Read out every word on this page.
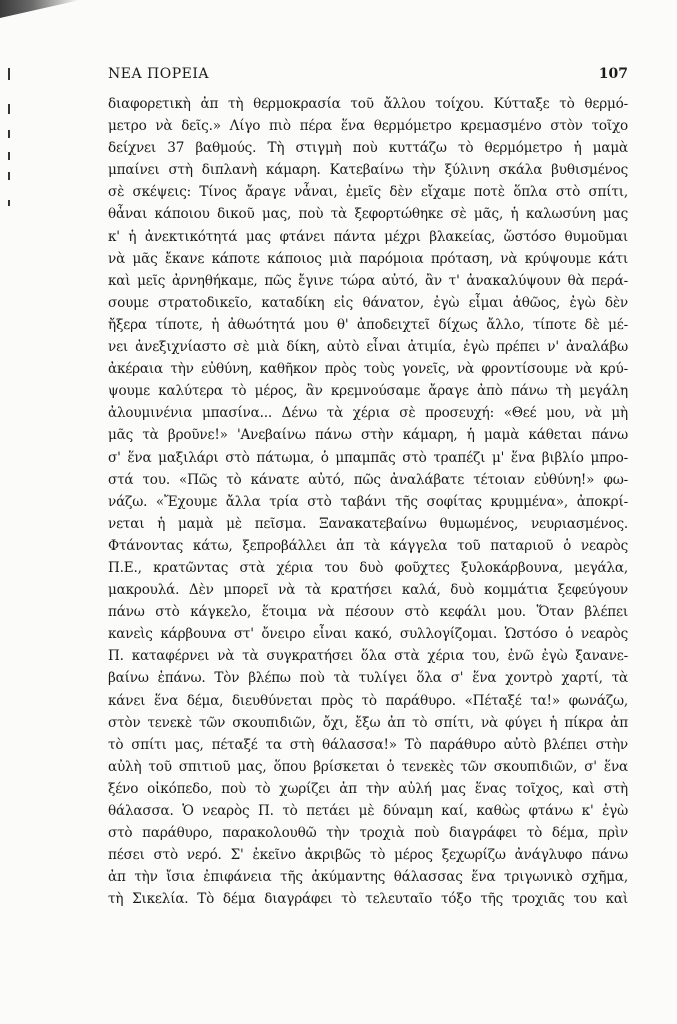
ΝΕΑ ΠΟΡΕΙΑ	107
διαφορετικὴ ἀπ τὴ θερμοκρασία τοῦ ἄλλου τοίχου. Κύτταξε τὸ θερμό-
μετρο νὰ δεῖς.» Λίγο πιὸ πέρα ἕνα θερμόμετρο κρεμασμένο στὸν τοῖχο
δείχνει 37 βαθμούς. Τὴ στιγμὴ ποὺ κυττάζω τὸ θερμόμετρο ἡ μαμὰ
μπαίνει στὴ διπλανὴ κάμαρη. Κατεβαίνω τὴν ξύλινη σκάλα βυθισμένος
σὲ σκέψεις: Τίνος ἄραγε νἆναι, ἐμεῖς δὲν εἴχαμε ποτὲ ὅπλα στὸ σπίτι,
θἆναι κάποιου δικοῦ μας, ποὺ τὰ ξεφορτώθηκε σὲ μᾶς, ἡ καλωσύνη μας
κ' ἡ ἀνεκτικότητά μας φτάνει πάντα μέχρι βλακείας, ὥστόσο θυμοῦμαι
νὰ μᾶς ἔκανε κάποτε κάποιος μιὰ παρόμοια πρόταση, νὰ κρύψουμε κάτι
καὶ μεῖς ἀρνηθήκαμε, πῶς ἔγινε τώρα αὐτό, ἂν τ' ἀνακαλύψουν θὰ περά-
σουμε στρατοδικεῖο, καταδίκη εἰς θάνατον, ἐγὼ εἶμαι ἀθῶος, ἐγὼ δὲν
ἤξερα τίποτε, ἡ ἀθωότητά μου θ' ἀποδειχτεῖ δίχως ἄλλο, τίποτε δὲ μέ-
νει ἀνεξιχνίαστο σὲ μιὰ δίκη, αὐτὸ εἶναι ἀτιμία, ἐγὼ πρέπει ν' ἀναλάβω
ἀκέραια τὴν εὐθύνη, καθῆκον πρὸς τοὺς γονεῖς, νὰ φροντίσουμε νὰ κρύ-
ψουμε καλύτερα τὸ μέρος, ἂν κρεμνούσαμε ἄραγε ἀπὸ πάνω τὴ μεγάλη
ἀλουμινένια μπασίνα... Δένω τὰ χέρια σὲ προσευχή: «Θεέ μου, νὰ μὴ
μᾶς τὰ βροῦνε!» 'Ανεβαίνω πάνω στὴν κάμαρη, ἡ μαμὰ κάθεται πάνω
σ' ἕνα μαξιλάρι στὸ πάτωμα, ὁ μπαμπᾶς στὸ τραπέζι μ' ἕνα βιβλίο μπρο-
στά του. «Πῶς τὸ κάνατε αὐτό, πῶς ἀναλάβατε τέτοιαν εὐθύνη!» φω-
νάζω. «Ἔχουμε ἄλλα τρία στὸ ταβάνι τῆς σοφίτας κρυμμένα», ἀποκρί-
νεται ἡ μαμὰ μὲ πεῖσμα. Ξανακατεβαίνω θυμωμένος, νευριασμένος.
Φτάνοντας κάτω, ξεπροβάλλει ἀπ τὰ κάγγελα τοῦ παταριοῦ ὁ νεαρὸς
Π.Ε., κρατῶντας στὰ χέρια του δυὸ φοῦχτες ξυλοκάρβουνα, μεγάλα,
μακρουλά. Δὲν μπορεῖ νὰ τὰ κρατήσει καλά, δυὸ κομμάτια ξεφεύγουν
πάνω στὸ κάγκελο, ἕτοιμα νὰ πέσουν στὸ κεφάλι μου. Ὅταν βλέπει
κανεὶς κάρβουνα στ' ὄνειρο εἶναι κακό, συλλογίζομαι. Ὡστόσο ὁ νεαρὸς
Π. καταφέρνει νὰ τὰ συγκρατήσει ὅλα στὰ χέρια του, ἐνῶ ἐγὼ ξανανε-
βαίνω ἐπάνω. Τὸν βλέπω ποὺ τὰ τυλίγει ὅλα σ' ἕνα χοντρὸ χαρτί, τὰ
κάνει ἕνα δέμα, διευθύνεται πρὸς τὸ παράθυρο. «Πέταξέ τα!» φωνάζω,
στὸν τενεκὲ τῶν σκουπιδιῶν, ὄχι, ἔξω ἀπ τὸ σπίτι, νὰ φύγει ἡ πίκρα ἀπ
τὸ σπίτι μας, πέταξέ τα στὴ θάλασσα!» Τὸ παράθυρο αὐτὸ βλέπει στὴν
αὐλὴ τοῦ σπιτιοῦ μας, ὅπου βρίσκεται ὁ τενεκὲς τῶν σκουπιδιῶν, σ' ἕνα
ξένο οἰκόπεδο, ποὺ τὸ χωρίζει ἀπ τὴν αὐλή μας ἕνας τοῖχος, καὶ στὴ
θάλασσα. Ὁ νεαρὸς Π. τὸ πετάει μὲ δύναμη καί, καθὼς φτάνω κ' ἐγὼ
στὸ παράθυρο, παρακολουθῶ τὴν τροχιὰ ποὺ διαγράφει τὸ δέμα, πρὶν
πέσει στὸ νερό. Σ' ἐκεῖνο ἀκριβῶς τὸ μέρος ξεχωρίζω ἀνάγλυφο πάνω
ἀπ τὴν ἴσια ἐπιφάνεια τῆς ἀκύμαντης θάλασσας ἕνα τριγωνικὸ σχῆμα,
τὴ Σικελία. Τὸ δέμα διαγράφει τὸ τελευταῖο τόξο τῆς τροχιᾶς του καὶ
